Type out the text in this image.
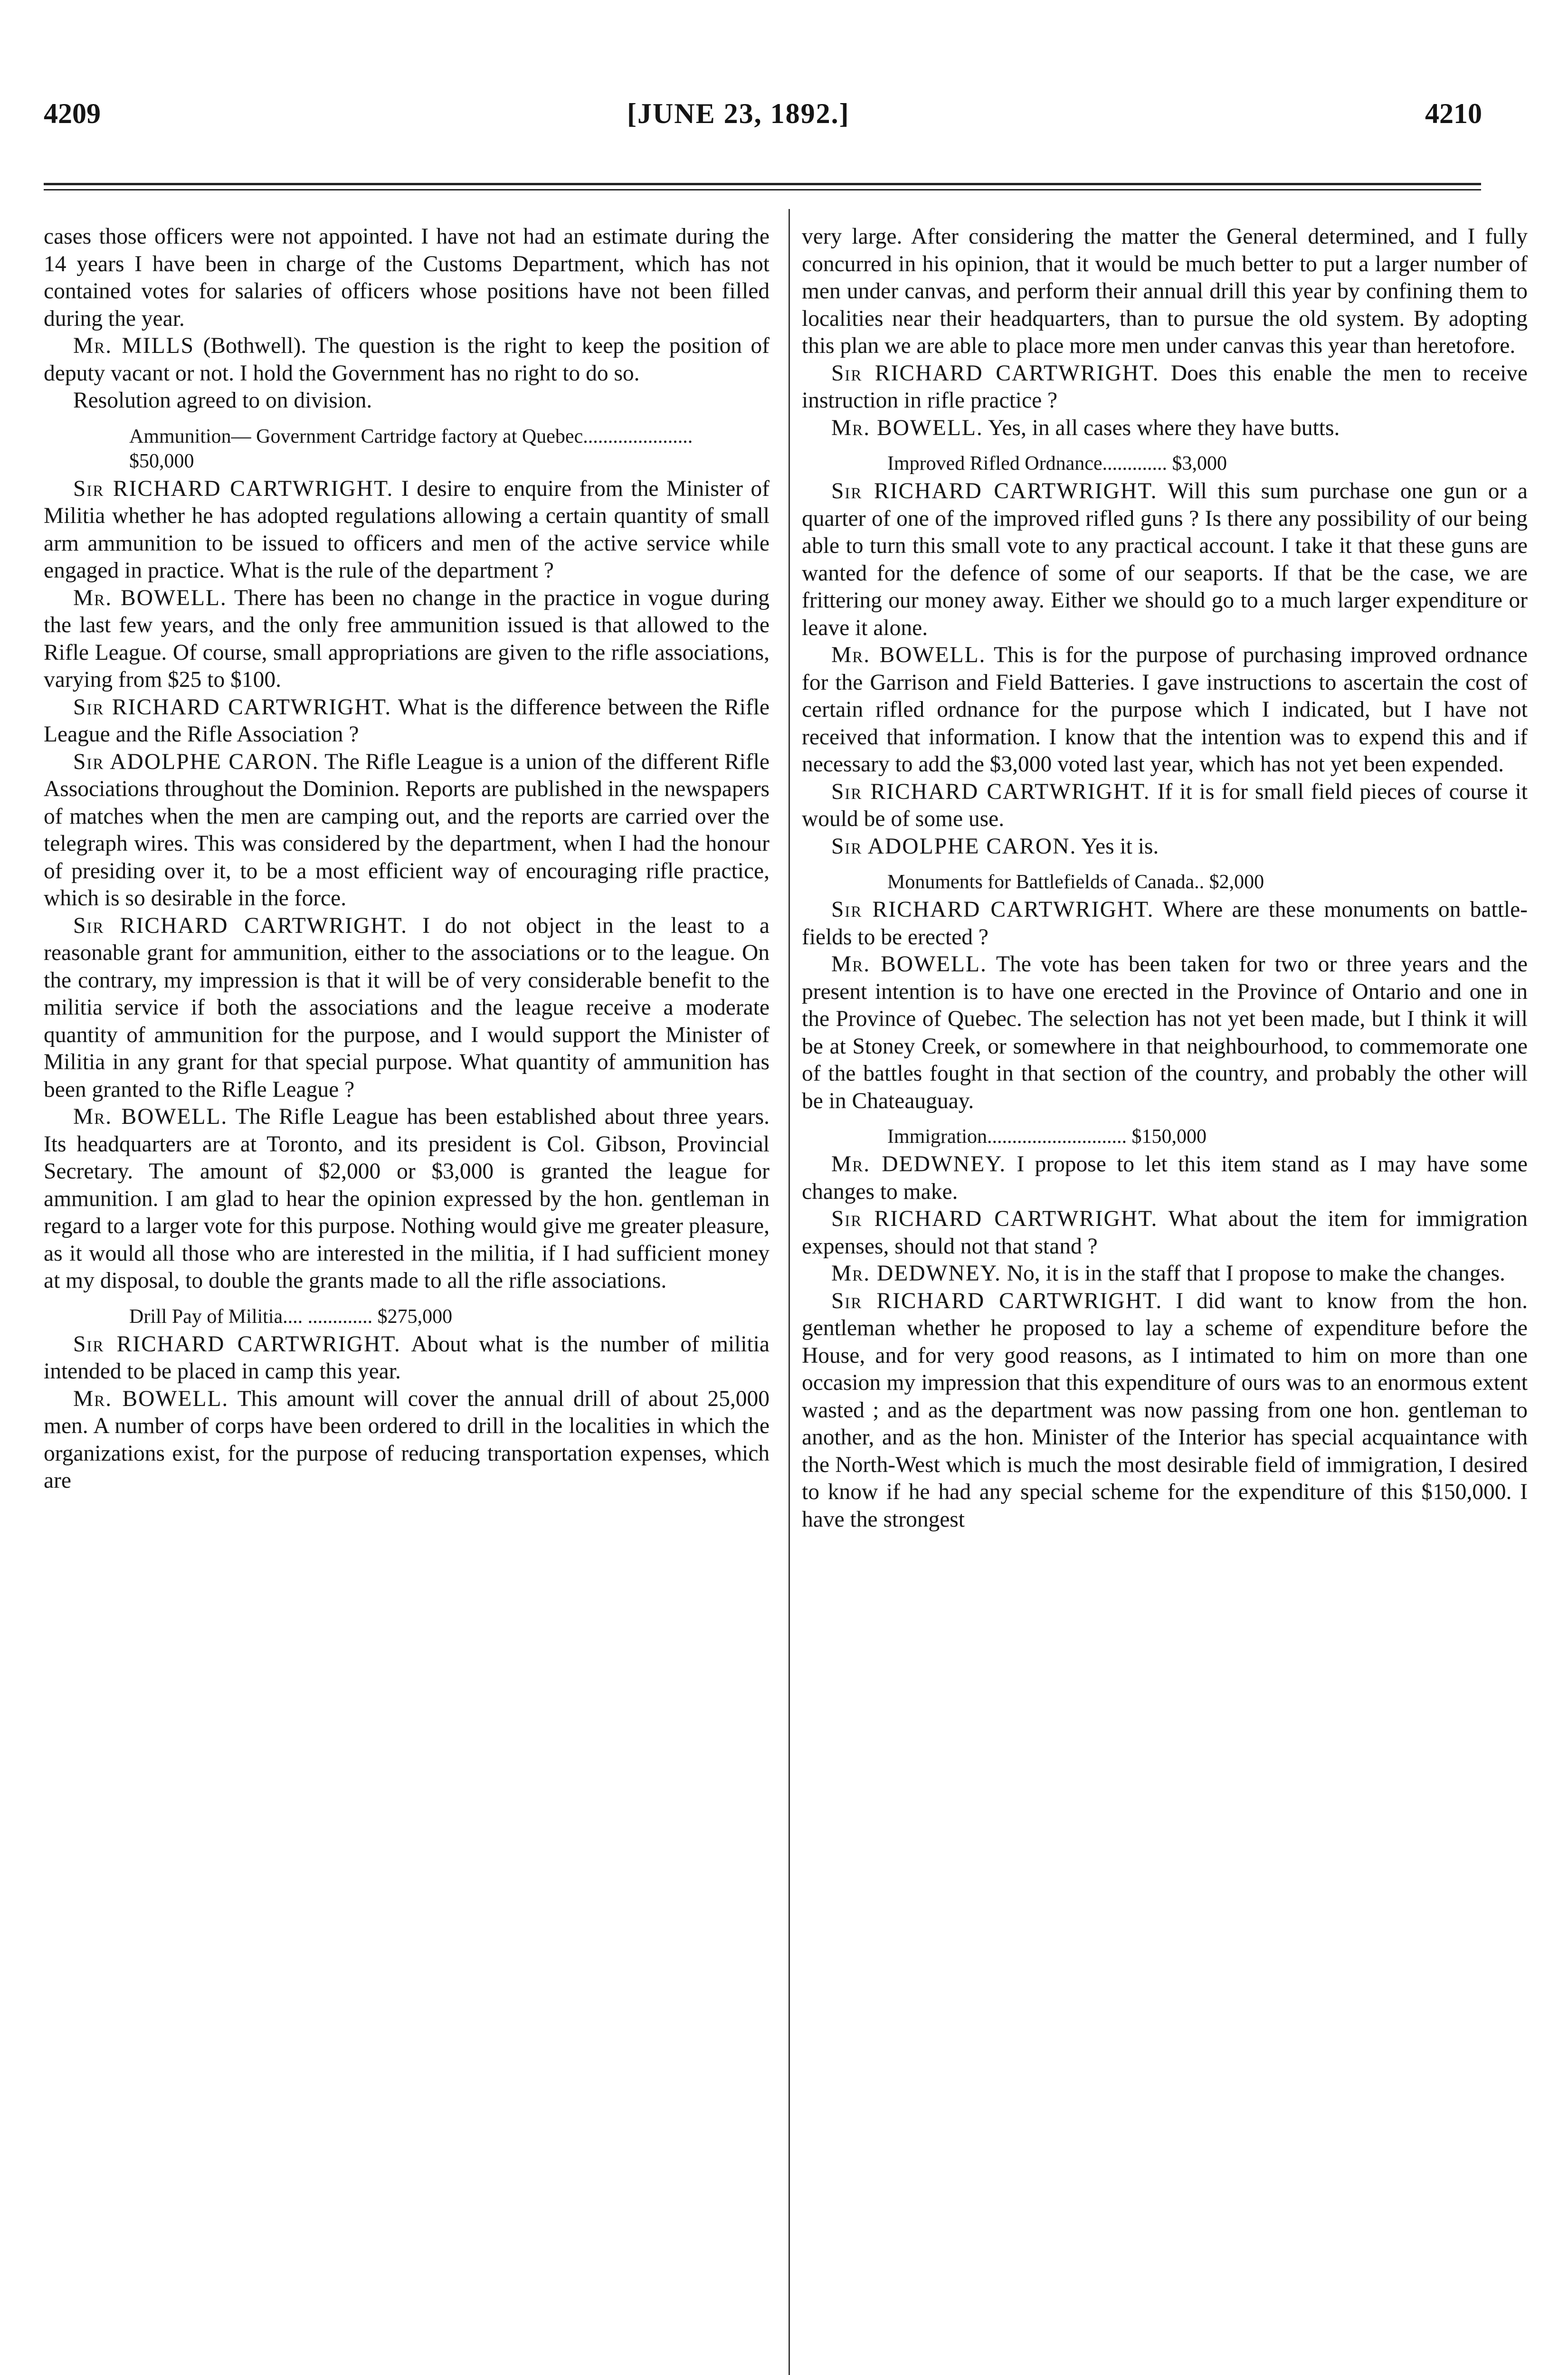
4209	[JUNE 23, 1892.]	4210

cases those officers were not appointed. I have not had an estimate during the 14 years I have been in charge of the Customs Department, which has not contained votes for salaries of officers whose positions have not been filled during the year.

Mr. MILLS (Bothwell). The question is the right to keep the position of deputy vacant or not. I hold the Government has no right to do so.

Resolution agreed to on division.

Ammunition— Government Cartridge factory at Quebec...................... $50,000

Sir RICHARD CARTWRIGHT. I desire to enquire from the Minister of Militia whether he has adopted regulations allowing a certain quantity of small arm ammunition to be issued to officers and men of the active service while engaged in practice. What is the rule of the department ?

Mr. BOWELL. There has been no change in the practice in vogue during the last few years, and the only free ammunition issued is that allowed to the Rifle League. Of course, small appropriations are given to the rifle associations, varying from $25 to $100.

Sir RICHARD CARTWRIGHT. What is the difference between the Rifle League and the Rifle Association ?

Sir ADOLPHE CARON. The Rifle League is a union of the different Rifle Associations throughout the Dominion. Reports are published in the newspapers of matches when the men are camping out, and the reports are carried over the telegraph wires. This was considered by the department, when I had the honour of presiding over it, to be a most efficient way of encouraging rifle practice, which is so desirable in the force.

Sir RICHARD CARTWRIGHT. I do not object in the least to a reasonable grant for ammunition, either to the associations or to the league. On the contrary, my impression is that it will be of very considerable benefit to the militia service if both the associations and the league receive a moderate quantity of ammunition for the purpose, and I would support the Minister of Militia in any grant for that special purpose. What quantity of ammunition has been granted to the Rifle League ?

Mr. BOWELL. The Rifle League has been established about three years. Its headquarters are at Toronto, and its president is Col. Gibson, Provincial Secretary. The amount of $2,000 or $3,000 is granted the league for ammunition. I am glad to hear the opinion expressed by the hon. gentleman in regard to a larger vote for this purpose. Nothing would give me greater pleasure, as it would all those who are interested in the militia, if I had sufficient money at my disposal, to double the grants made to all the rifle associations.

Drill Pay of Militia.... ............. $275,000

Sir RICHARD CARTWRIGHT. About what is the number of militia intended to be placed in camp this year.

Mr. BOWELL. This amount will cover the annual drill of about 25,000 men. A number of corps have been ordered to drill in the localities in which the organizations exist, for the purpose of reducing transportation expenses, which are

very large. After considering the matter the General determined, and I fully concurred in his opinion, that it would be much better to put a larger number of men under canvas, and perform their annual drill this year by confining them to localities near their headquarters, than to pursue the old system. By adopting this plan we are able to place more men under canvas this year than heretofore.

Sir RICHARD CARTWRIGHT. Does this enable the men to receive instruction in rifle practice ?

Mr. BOWELL. Yes, in all cases where they have butts.

Improved Rifled Ordnance............. $3,000

Sir RICHARD CARTWRIGHT. Will this sum purchase one gun or a quarter of one of the improved rifled guns ? Is there any possibility of our being able to turn this small vote to any practical account. I take it that these guns are wanted for the defence of some of our seaports. If that be the case, we are frittering our money away. Either we should go to a much larger expenditure or leave it alone.

Mr. BOWELL. This is for the purpose of purchasing improved ordnance for the Garrison and Field Batteries. I gave instructions to ascertain the cost of certain rifled ordnance for the purpose which I indicated, but I have not received that information. I know that the intention was to expend this and if necessary to add the $3,000 voted last year, which has not yet been expended.

Sir RICHARD CARTWRIGHT. If it is for small field pieces of course it would be of some use.

Sir ADOLPHE CARON. Yes it is.

Monuments for Battlefields of Canada.. $2,000

Sir RICHARD CARTWRIGHT. Where are these monuments on battle-fields to be erected ?

Mr. BOWELL. The vote has been taken for two or three years and the present intention is to have one erected in the Province of Ontario and one in the Province of Quebec. The selection has not yet been made, but I think it will be at Stoney Creek, or somewhere in that neighbourhood, to commemorate one of the battles fought in that section of the country, and probably the other will be in Chateauguay.

Immigration............................ $150,000

Mr. DEDWNEY. I propose to let this item stand as I may have some changes to make.

Sir RICHARD CARTWRIGHT. What about the item for immigration expenses, should not that stand ?

Mr. DEDWNEY. No, it is in the staff that I propose to make the changes.

Sir RICHARD CARTWRIGHT. I did want to know from the hon. gentleman whether he proposed to lay a scheme of expenditure before the House, and for very good reasons, as I intimated to him on more than one occasion my impression that this expenditure of ours was to an enormous extent wasted ; and as the department was now passing from one hon. gentleman to another, and as the hon. Minister of the Interior has special acquaintance with the North-West which is much the most desirable field of immigration, I desired to know if he had any special scheme for the expenditure of this $150,000. I have the strongest
